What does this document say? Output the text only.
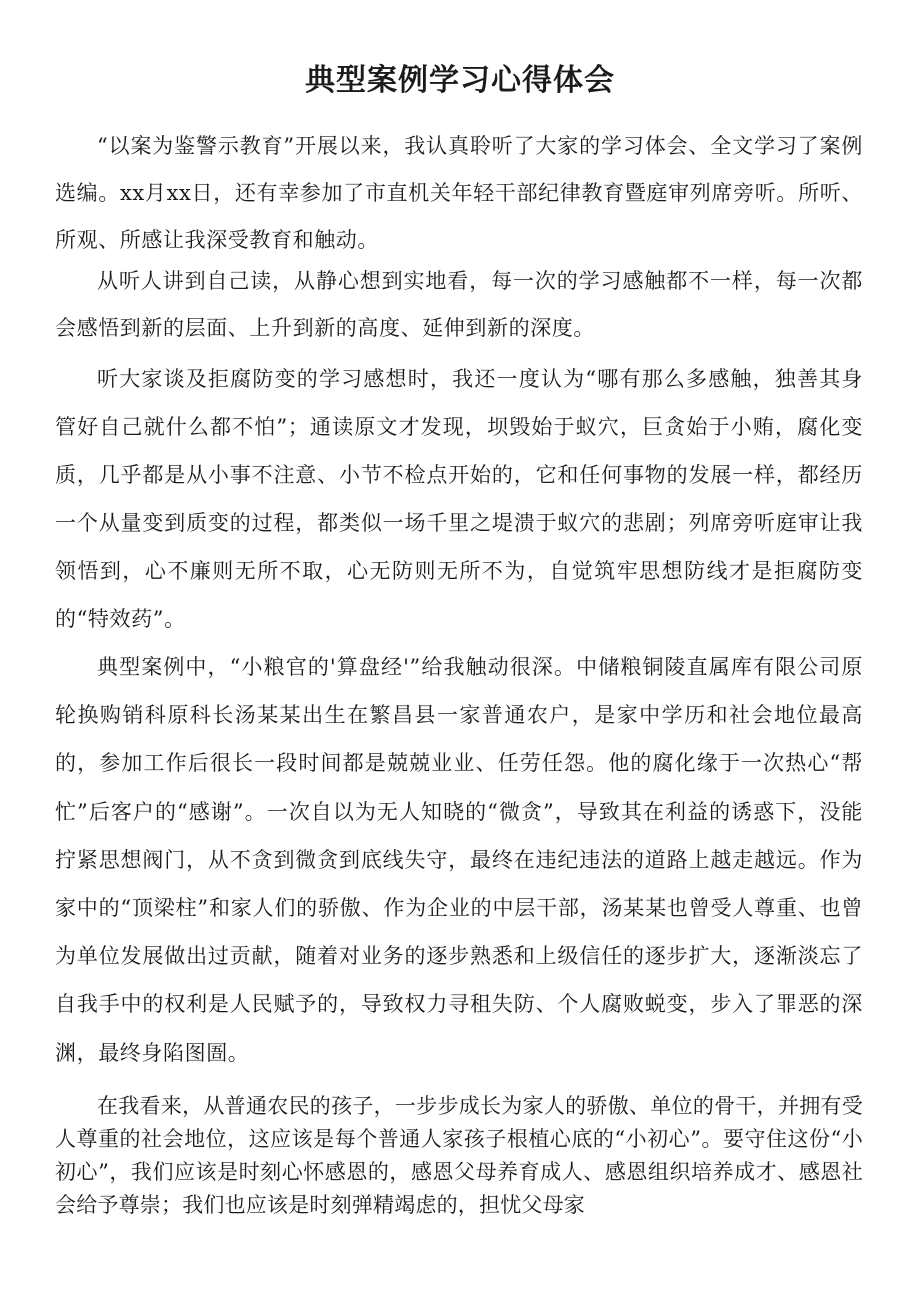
典型案例学习心得体会

“以案为鉴警示教育”开展以来，我认真聆听了大家的学习体会、全文学习了案例选编。xx月xx日，还有幸参加了市直机关年轻干部纪律教育暨庭审列席旁听。所听、所观、所感让我深受教育和触动。

从听人讲到自己读，从静心想到实地看，每一次的学习感触都不一样，每一次都会感悟到新的层面、上升到新的高度、延伸到新的深度。

听大家谈及拒腐防变的学习感想时，我还一度认为“哪有那么多感触，独善其身管好自己就什么都不怕”；通读原文才发现，坝毁始于蚁穴，巨贪始于小贿，腐化变质，几乎都是从小事不注意、小节不检点开始的，它和任何事物的发展一样，都经历一个从量变到质变的过程，都类似一场千里之堤溃于蚁穴的悲剧；列席旁听庭审让我领悟到，心不廉则无所不取，心无防则无所不为，自觉筑牢思想防线才是拒腐防变的“特效药”。

典型案例中，“小粮官的'算盘经'”给我触动很深。中储粮铜陵直属库有限公司原轮换购销科原科长汤某某出生在繁昌县一家普通农户，是家中学历和社会地位最高的，参加工作后很长一段时间都是兢兢业业、任劳任怨。他的腐化缘于一次热心“帮忙”后客户的“感谢”。一次自以为无人知晓的“微贪”，导致其在利益的诱惑下，没能拧紧思想阀门，从不贪到微贪到底线失守，最终在违纪违法的道路上越走越远。作为家中的“顶梁柱”和家人们的骄傲、作为企业的中层干部，汤某某也曾受人尊重、也曾为单位发展做出过贡献，随着对业务的逐步熟悉和上级信任的逐步扩大，逐渐淡忘了自我手中的权利是人民赋予的，导致权力寻租失防、个人腐败蜕变，步入了罪恶的深渊，最终身陷图圄。

在我看来，从普通农民的孩子，一步步成长为家人的骄傲、单位的骨干，并拥有受人尊重的社会地位，这应该是每个普通人家孩子根植心底的“小初心”。要守住这份“小初心”，我们应该是时刻心怀感恩的，感恩父母养育成人、感恩组织培养成才、感恩社会给予尊崇；我们也应该是时刻弹精竭虑的，担忧父母家
